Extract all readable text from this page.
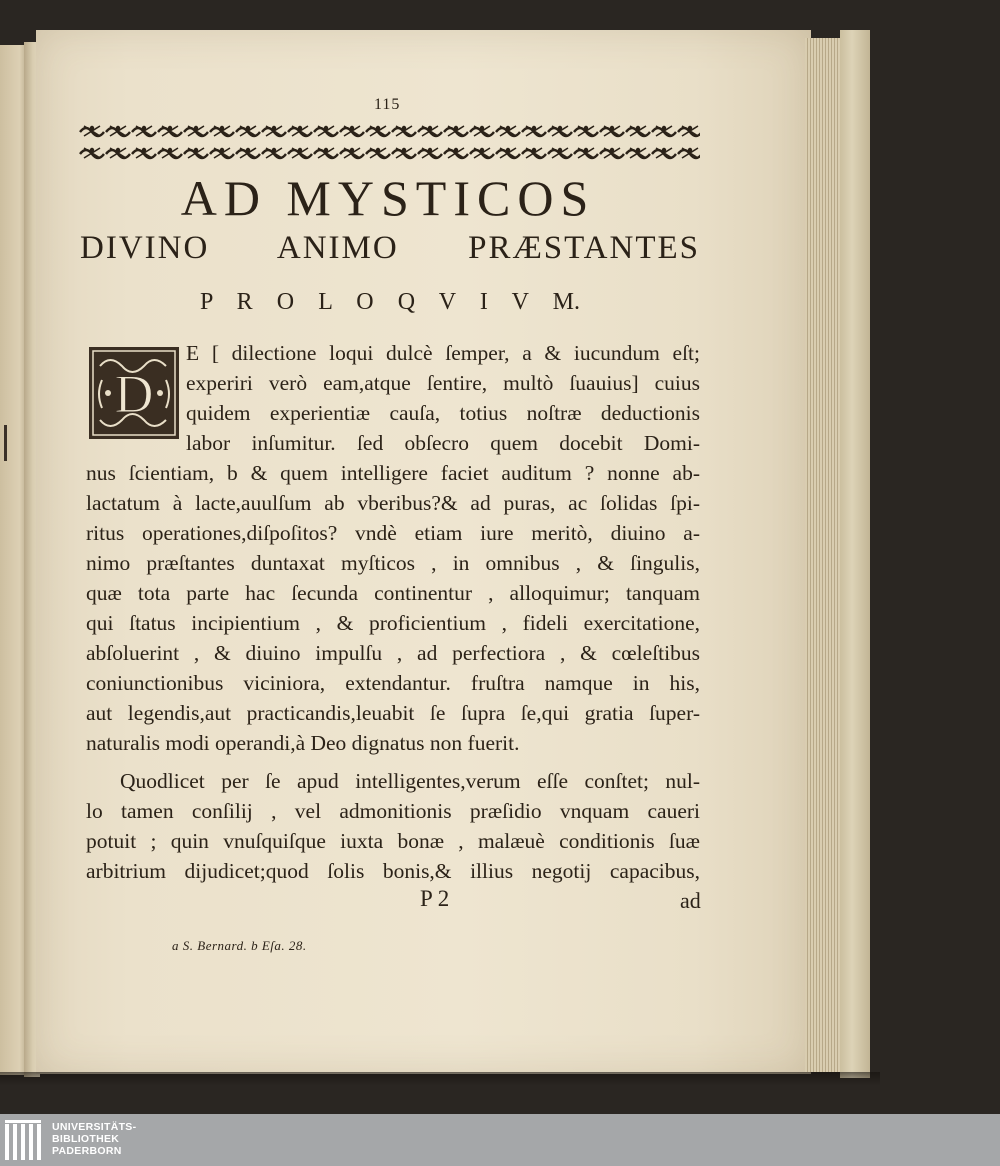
115
AD MYSTICOS
DIVINO ANIMO PRÆSTANTES
P R O L O Q V I V M.
D
E [ dilectione loqui dulcè ſemper, a & iucundum eſt;
experiri verò eam,atque ſentire, multò ſuauius] cuius
quidem experientiæ cauſa, totius noſtræ deductionis
labor inſumitur. ſed obſecro quem docebit Domi-
nus ſcientiam, b & quem intelligere faciet auditum ? nonne ab-
lactatum à lacte,auulſum ab vberibus?& ad puras, ac ſolidas ſpi-
ritus operationes,diſpoſitos? vndè etiam iure meritò, diuino a-
nimo præſtantes duntaxat myſticos , in omnibus , & ſingulis,
quæ tota parte hac ſecunda continentur , alloquimur; tanquam
qui ſtatus incipientium , & proficientium , fideli exercitatione,
abſoluerint , & diuino impulſu , ad perfectiora , & cœleſtibus
coniunctionibus viciniora, extendantur. fruſtra namque in his,
aut legendis,aut practicandis,leuabit ſe ſupra ſe,qui gratia ſuper-
naturalis modi operandi,à Deo dignatus non fuerit.
Quodlicet per ſe apud intelligentes,verum eſſe conſtet; nul-
lo tamen conſilij , vel admonitionis præſidio vnquam caueri
potuit ; quin vnuſquiſque iuxta bonæ , malæuè conditionis ſuæ
arbitrium dijudicet;quod ſolis bonis,& illius negotij capacibus,
P 2	ad
a S. Bernard. b Eſa. 28.
UNIVERSITÄTS-
BIBLIOTHEK
PADERBORN
